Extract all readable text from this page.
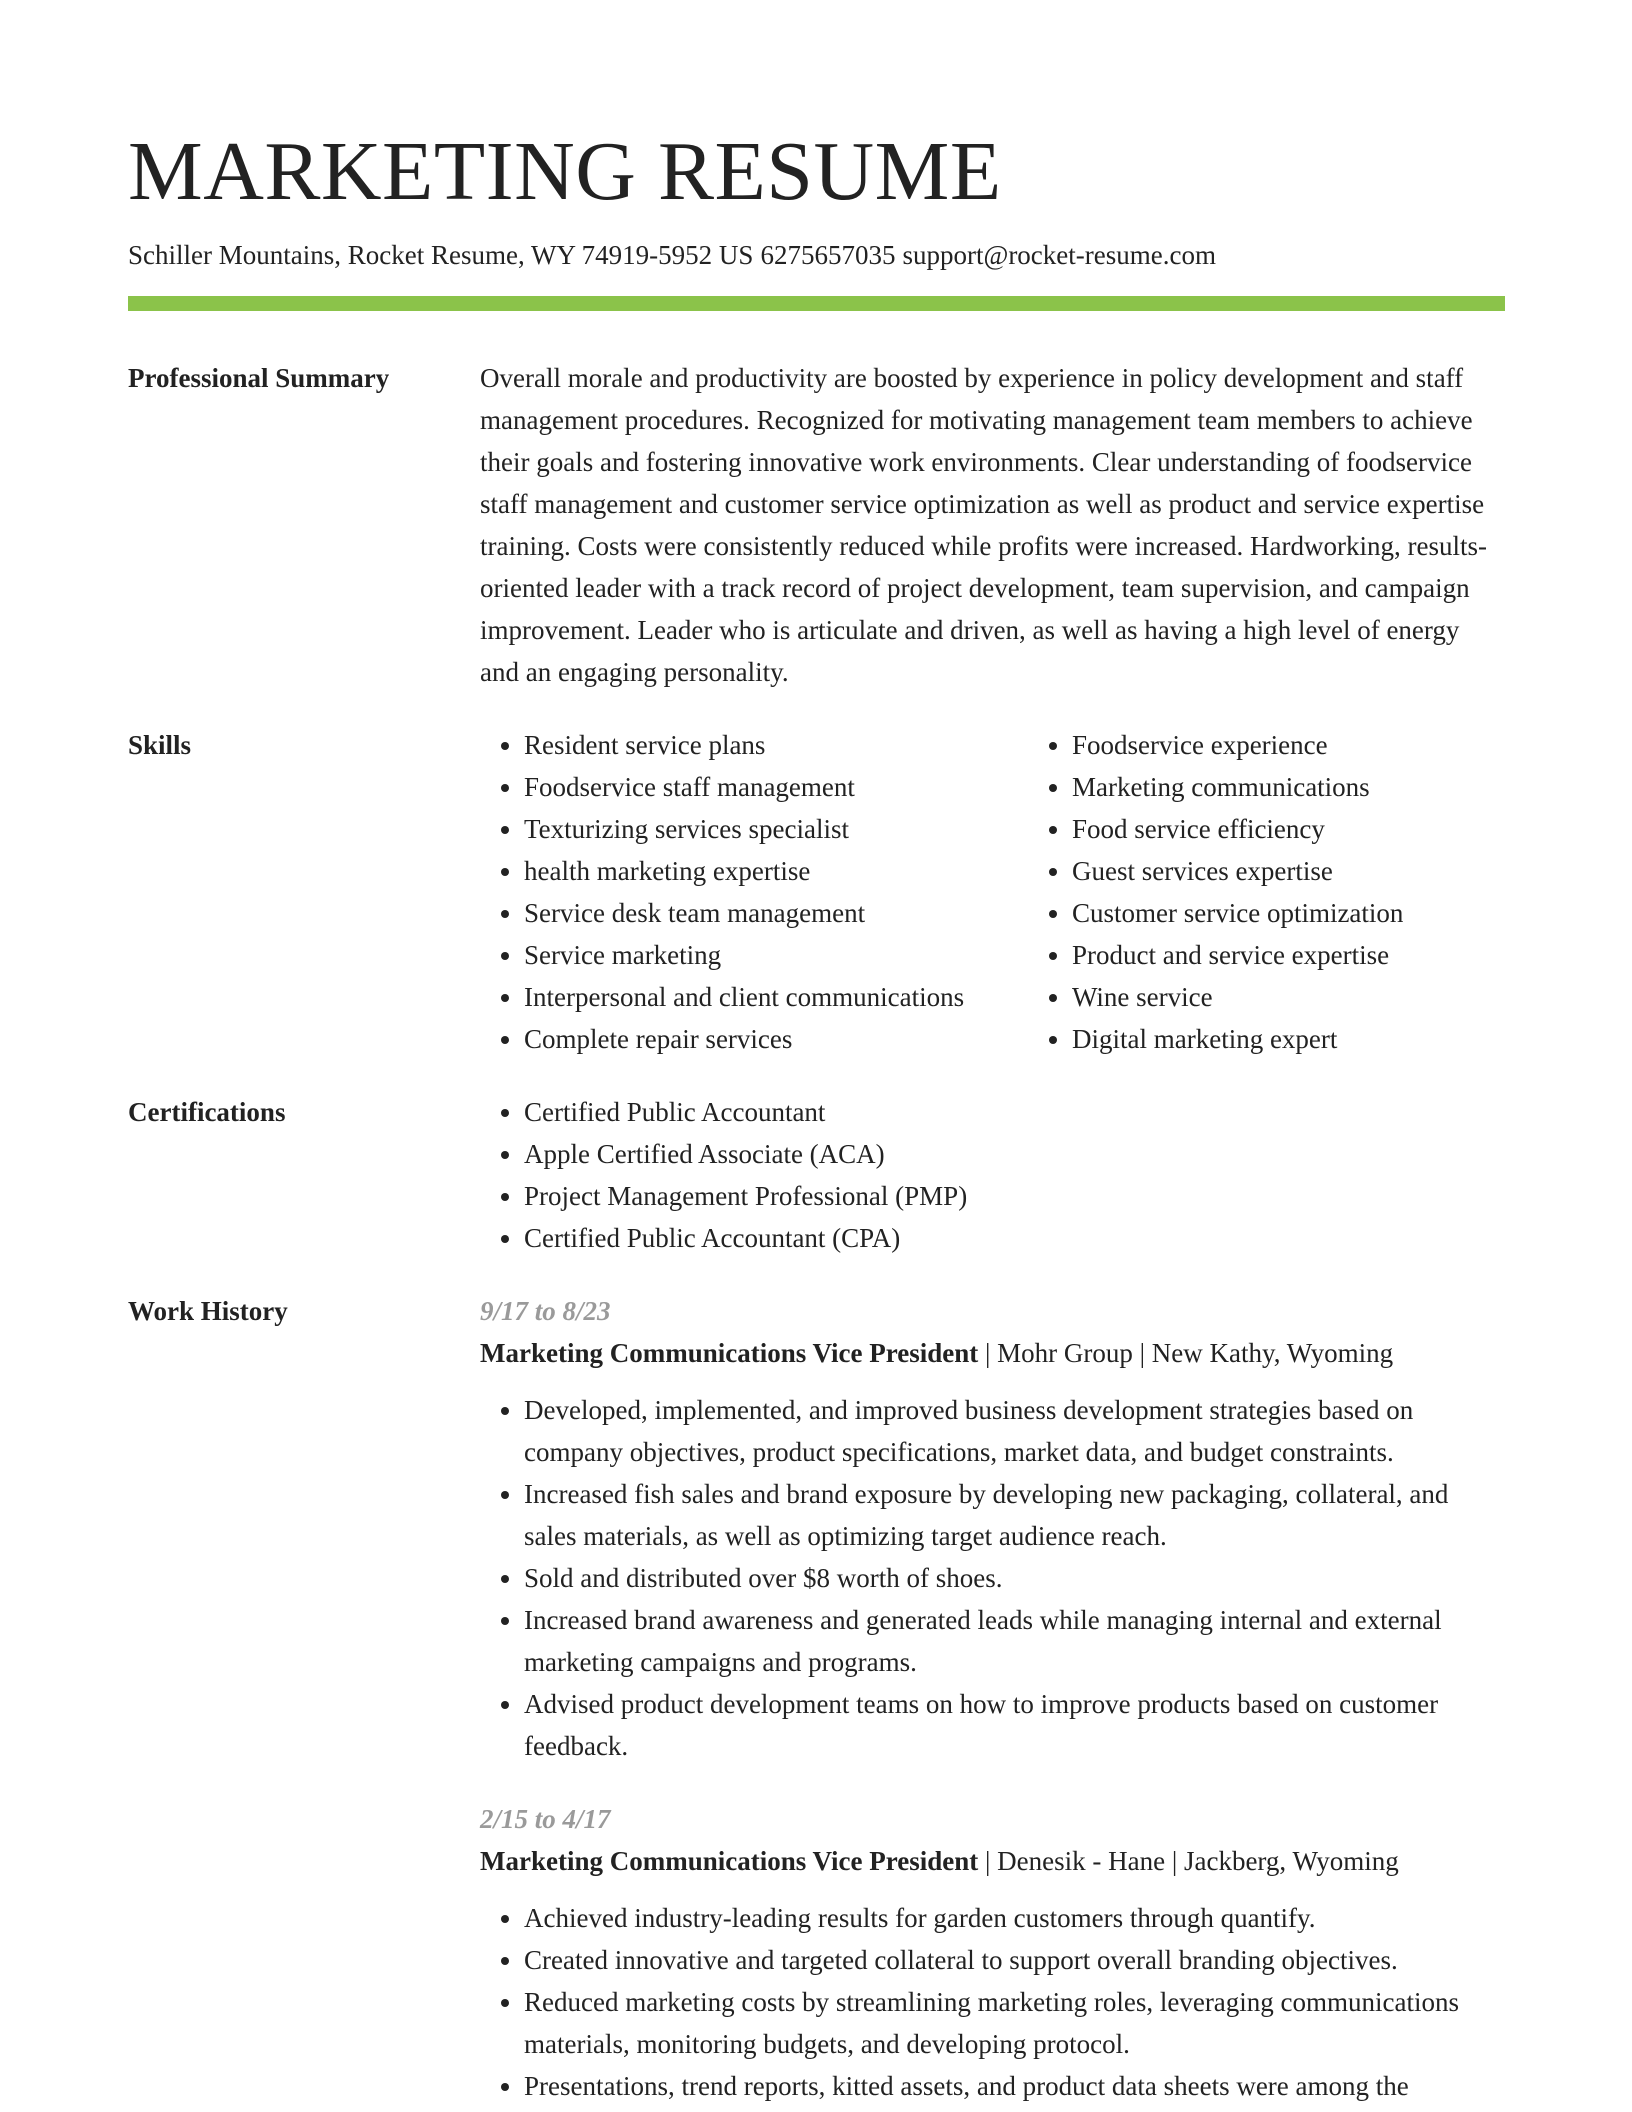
MARKETING RESUME
Schiller Mountains, Rocket Resume, WY 74919-5952 US 6275657035 support@rocket-resume.com
Professional Summary	Overall morale and productivity are boosted by experience in policy development and staff management procedures. Recognized for motivating management team members to achieve their goals and fostering innovative work environments. Clear understanding of foodservice staff management and customer service optimization as well as product and service expertise training. Costs were consistently reduced while profits were increased. Hardworking, results-oriented leader with a track record of project development, team supervision, and campaign improvement. Leader who is articulate and driven, as well as having a high level of energy and an engaging personality.

Skills	• Resident service plans
• Foodservice staff management
• Texturizing services specialist
• health marketing expertise
• Service desk team management
• Service marketing
• Interpersonal and client communications
• Complete repair services
• Foodservice experience
• Marketing communications
• Food service efficiency
• Guest services expertise
• Customer service optimization
• Product and service expertise
• Wine service
• Digital marketing expert
Certifications	• Certified Public Accountant
• Apple Certified Associate (ACA)
• Project Management Professional (PMP)
• Certified Public Accountant (CPA)
Work History	9/17 to 8/23
Marketing Communications Vice President | Mohr Group | New Kathy, Wyoming
• Developed, implemented, and improved business development strategies based on company objectives, product specifications, market data, and budget constraints.
• Increased fish sales and brand exposure by developing new packaging, collateral, and sales materials, as well as optimizing target audience reach.
• Sold and distributed over $8 worth of shoes.
• Increased brand awareness and generated leads while managing internal and external marketing campaigns and programs.
• Advised product development teams on how to improve products based on customer feedback.
2/15 to 4/17
Marketing Communications Vice President | Denesik - Hane | Jackberg, Wyoming
• Achieved industry-leading results for garden customers through quantify.
• Created innovative and targeted collateral to support overall branding objectives.
• Reduced marketing costs by streamlining marketing roles, leveraging communications materials, monitoring budgets, and developing protocol.
• Presentations, trend reports, kitted assets, and product data sheets were among the
